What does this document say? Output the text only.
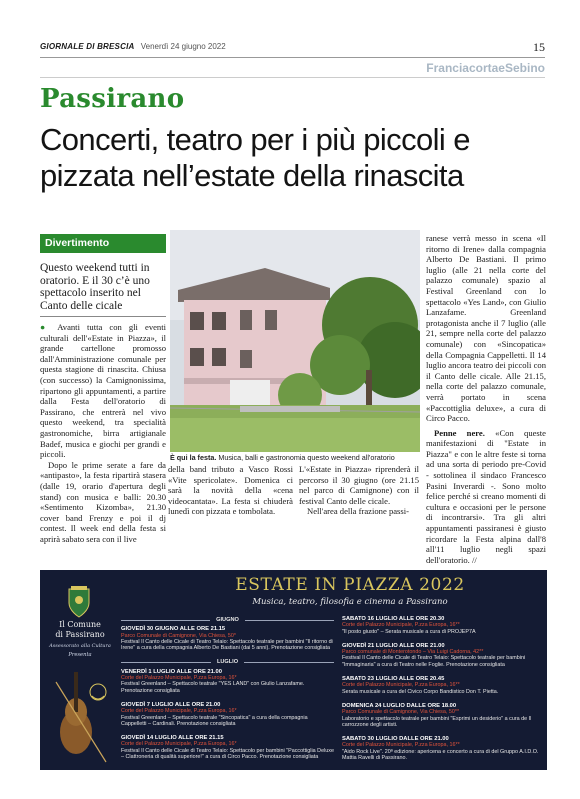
GIORNALE DI BRESCIA Venerdì 24 giugno 2022	15
FranciacortaeSebino
Passirano
Concerti, teatro per i più piccoli e pizzata nell’estate della rinascita
Divertimento
Questo weekend tutti in oratorio. E il 30 c’è uno spettacolo inserito nel Canto delle cicale

● Avanti tutta con gli eventi culturali dell'«Estate in Piazza», il grande cartellone promosso dall'Amministrazione comunale per questa stagione di rinascita. Chiusa (con successo) la Camignonissima, ripartono gli appuntamenti, a partire dalla Festa dell'oratorio di Passirano, che entrerà nel vivo questo weekend, tra specialità gastronomiche, birra artigianale Badef, musica e giochi per grandi e piccoli.

Dopo le prime serate a fare da «antipasto», la festa ripartirà stasera (dalle 19, orario d'apertura degli stand) con musica e balli: 20.30 «Sentimento Kizomba», 21.30 cover band Frenzy e poi il dj contest. Il week end della festa si aprirà sabato sera con il live

È qui la festa. Musica, balli e gastronomia questo weekend all'oratorio

della band tributo a Vasco Rossi «Vite spericolate». Domenica ci sarà la novità della «cena videocantata». La festa si chiuderà lunedì con pizzata e tombolata.

L'«Estate in Piazza» riprenderà il percorso il 30 giugno (ore 21.15 nel parco di Camignone) con il festival Canto delle cicale.

Nell'area della frazione passi-

ranese verrà messo in scena «Il ritorno di Irene» dalla compagnia Alberto De Bastiani. Il primo luglio (alle 21 nella corte del palazzo comunale) spazio al Festival Greenland con lo spettacolo «Yes Land», con Giulio Lanzafame. Greenland protagonista anche il 7 luglio (alle 21, sempre nella corte del palazzo comunale) con «Sincopatica» della Compagnia Cappelletti. Il 14 luglio ancora teatro dei piccoli con il Canto delle cicale. Alle 21.15, nella corte del palazzo comunale, verrà portato in scena «Paccottiglia deluxe», a cura di Circo Pacco.

Penne nere. «Con queste manifestazioni di "Estate in Piazza" e con le altre feste si torna ad una sorta di periodo pre-Covid - sottolinea il sindaco Francesco Pasini Inverardi -. Sono molto felice perché si creano momenti di cultura e occasioni per le persone di incontrarsi». Tra gli altri appuntamenti passiranesi è giusto ricordare la Festa alpina dall'8 all'11 luglio negli spazi dell'oratorio. //

Il Comune
di Passirano
Assessorato alla Cultura
Presenta
ESTATE IN PIAZZA 2022
Musica, teatro, filosofia e cinema a Passirano
GIUGNO
GIOVEDÌ 30 GIUGNO ALLE ORE 21.15
Parco Comunale di Camignone, Via Chiesa, 50*
Festival Il Canto delle Cicale di Teatro Telaio: Spettacolo teatrale per bambini "Il ritorno di Irene" a cura della compagnia Alberto De Bastiani (dai 5 anni). Prenotazione consigliata
LUGLIO
VENERDÌ 1 LUGLIO ALLE ORE 21.00
Corte del Palazzo Municipale, P.zza Europa, 16*
Festival Greenland – Spettacolo teatrale "YES LAND" con Giulio Lanzafame. Prenotazione consigliata
GIOVEDÌ 7 LUGLIO ALLE ORE 21.00
Corte del Palazzo Municipale, P.zza Europa, 16*
Festival Greenland – Spettacolo teatrale "Sincopatica" a cura della compagnia Cappelletti – Cardinali. Prenotazione consigliata
GIOVEDÌ 14 LUGLIO ALLE ORE 21.15
Corte del Palazzo Municipale, P.zza Europa, 16*
Festival Il Canto delle Cicale di Teatro Telaio: Spettacolo per bambini "Paccottiglia Deluxe – Clattroneria di qualità superiore!" a cura di Circo Pacco. Prenotazione consigliata
SABATO 16 LUGLIO ALLE ORE 20.30
Corte del Palazzo Municipale, P.zza Europa, 16**
"Il posto giusto" – Serata musicale a cura di PROJEP7A
GIOVEDÌ 21 LUGLIO ALLE ORE 21.00
Parco comunale di Monterotondo – Via Luigi Cadorna, 42**
Festival Il Canto delle Cicale di Teatro Telaio: Spettacolo teatrale per bambini "Immaginaria" a cura di Teatro nelle Foglie. Prenotazione consigliata
SABATO 23 LUGLIO ALLE ORE 20.45
Corte del Palazzo Municipale, P.zza Europa, 16**
Serata musicale a cura del Civico Corpo Bandistico Don T. Pietta.
DOMENICA 24 LUGLIO DALLE ORE 18.00
Parco Comunale di Camignone, Via Chiesa, 50**
Laboratorio e spettacolo teatrale per bambini "Esprimi un desiderio" a cura de Il carrozzone degli artisti.
SABATO 30 LUGLIO DALLE ORE 21.00
Corte del Palazzo Municipale, P.zza Europa, 16**
"Aido Rock Live". 20ª edizione: apericena e concerto a cura di del Gruppo A.I.D.O. Mattia Ravelli di Passirano.
